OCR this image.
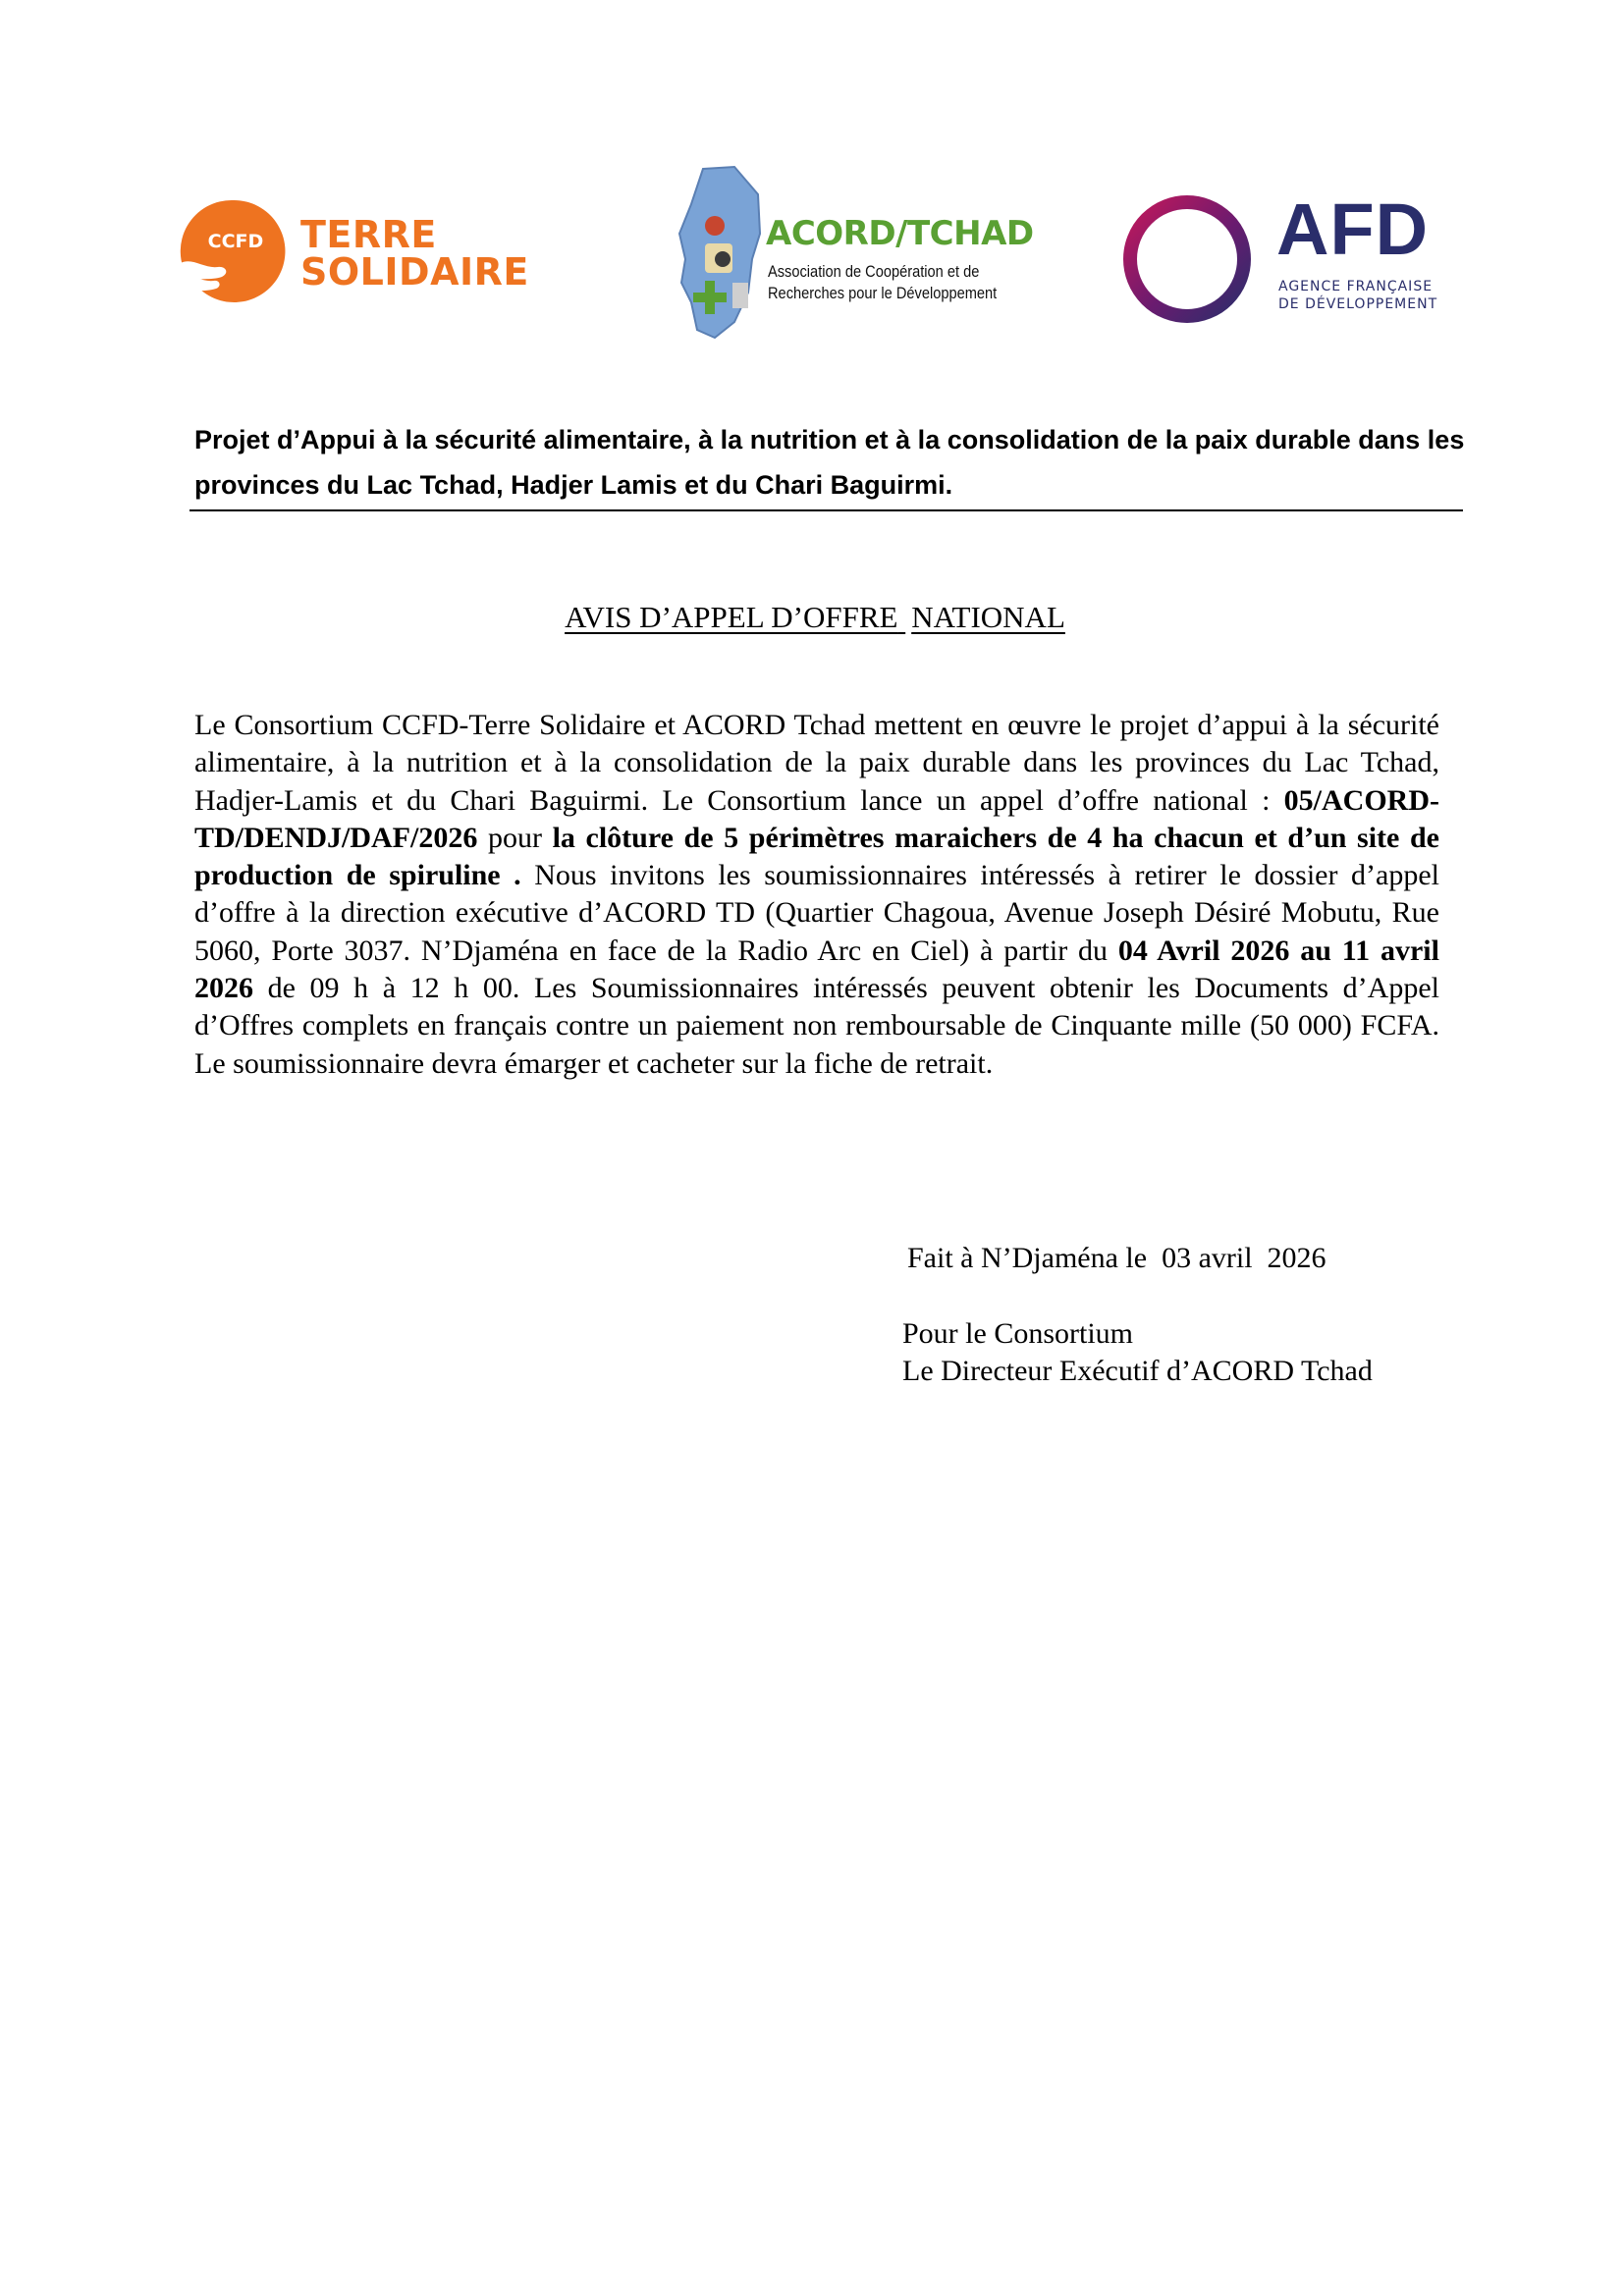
CCFD TERRE
SOLIDAIRE
ACORD/TCHAD
Association de Coopération et de
Recherches pour le Développement
AFD
AGENCE FRANÇAISE
DE DÉVELOPPEMENT
Projet d’Appui à la sécurité alimentaire, à la nutrition et à la consolidation de la paix durable dans les provinces du Lac Tchad, Hadjer Lamis et du Chari Baguirmi.
AVIS D’APPEL D’OFFRE NATIONAL
Le Consortium CCFD-Terre Solidaire et ACORD Tchad mettent en œuvre le projet d’appui à la sécurité alimentaire, à la nutrition et à la consolidation de la paix durable dans les provinces du Lac Tchad, Hadjer-Lamis et du Chari Baguirmi. Le Consortium lance un appel d’offre national : 05/ACORD-TD/DENDJ/DAF/2026 pour la clôture de 5 périmètres maraichers de 4 ha chacun et d’un site de production de spiruline . Nous invitons les soumissionnaires intéressés à retirer le dossier d’appel d’offre à la direction exécutive d’ACORD TD (Quartier Chagoua, Avenue Joseph Désiré Mobutu, Rue 5060, Porte 3037. N’Djaména en face de la Radio Arc en Ciel) à partir du 04 Avril 2026 au 11 avril 2026 de 09 h à 12 h 00. Les Soumissionnaires intéressés peuvent obtenir les Documents d’Appel d’Offres complets en français contre un paiement non remboursable de Cinquante mille (50 000) FCFA. Le soumissionnaire devra émarger et cacheter sur la fiche de retrait.
Fait à N’Djaména le  03 avril  2026
Pour le Consortium
Le Directeur Exécutif d’ACORD Tchad
